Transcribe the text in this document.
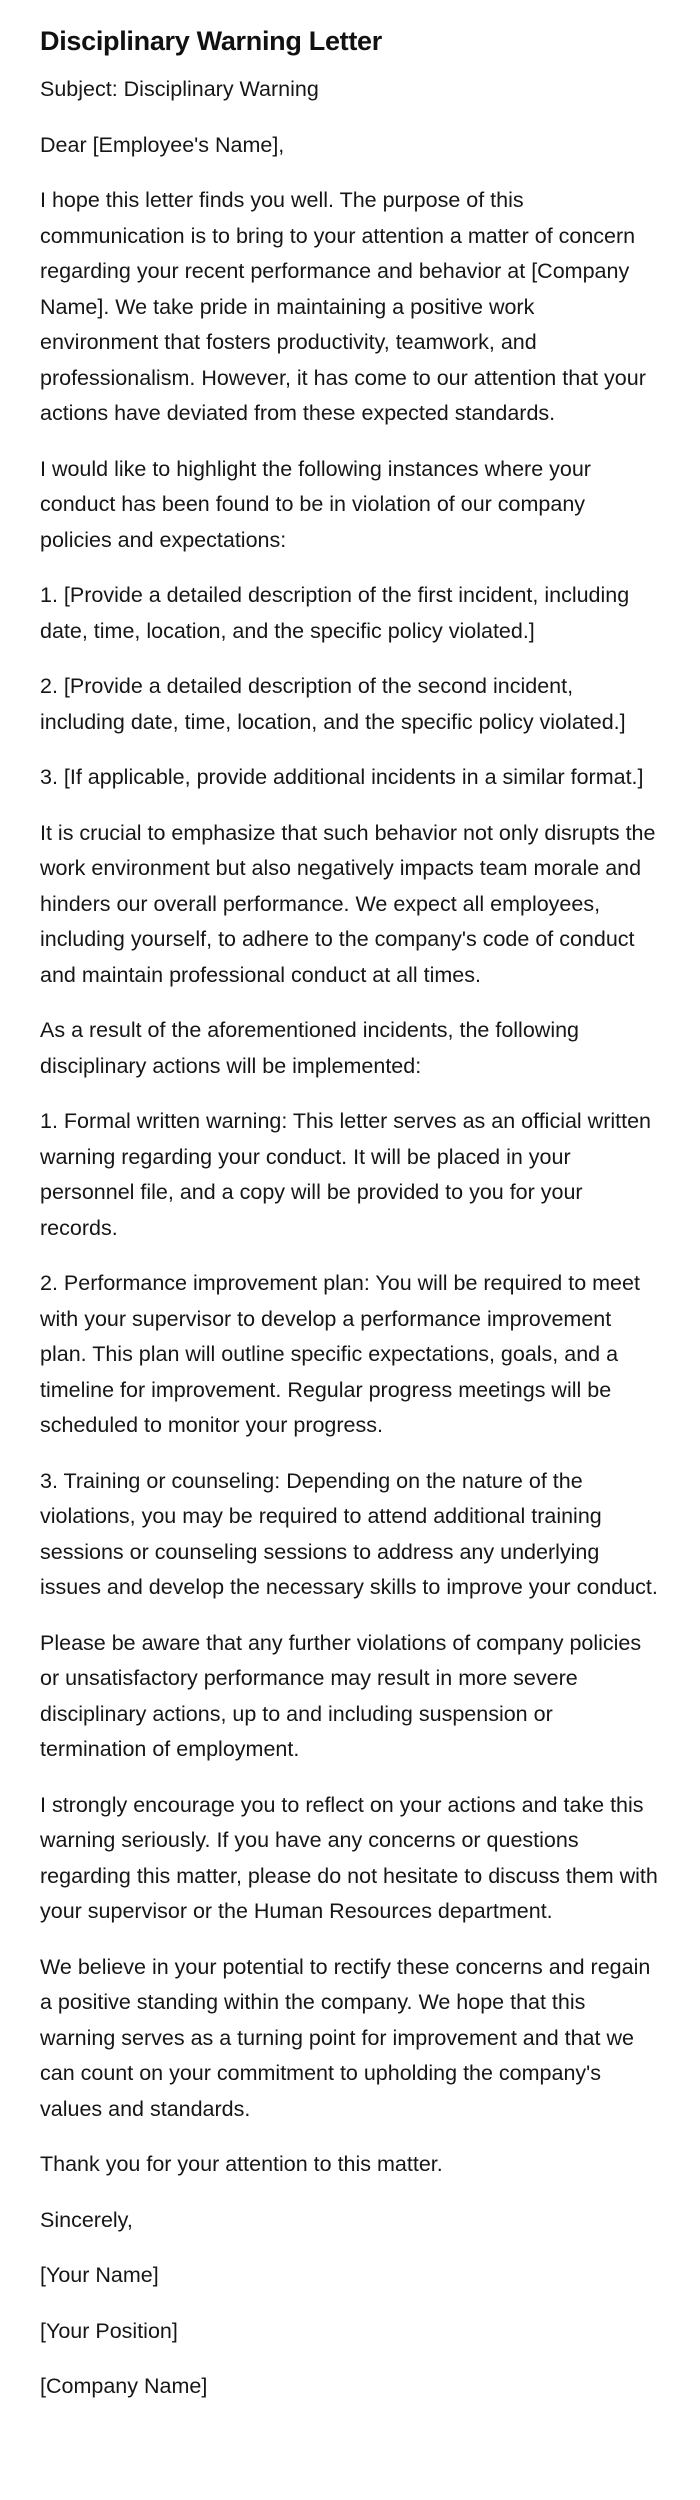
Disciplinary Warning Letter

Subject: Disciplinary Warning

Dear [Employee's Name],

I hope this letter finds you well. The purpose of this communication is to bring to your attention a matter of concern regarding your recent performance and behavior at [Company Name]. We take pride in maintaining a positive work environment that fosters productivity, teamwork, and professionalism. However, it has come to our attention that your actions have deviated from these expected standards.

I would like to highlight the following instances where your conduct has been found to be in violation of our company policies and expectations:

1. [Provide a detailed description of the first incident, including date, time, location, and the specific policy violated.]

2. [Provide a detailed description of the second incident, including date, time, location, and the specific policy violated.]

3. [If applicable, provide additional incidents in a similar format.]

It is crucial to emphasize that such behavior not only disrupts the work environment but also negatively impacts team morale and hinders our overall performance. We expect all employees, including yourself, to adhere to the company's code of conduct and maintain professional conduct at all times.

As a result of the aforementioned incidents, the following disciplinary actions will be implemented:

1. Formal written warning: This letter serves as an official written warning regarding your conduct. It will be placed in your personnel file, and a copy will be provided to you for your records.

2. Performance improvement plan: You will be required to meet with your supervisor to develop a performance improvement plan. This plan will outline specific expectations, goals, and a timeline for improvement. Regular progress meetings will be scheduled to monitor your progress.

3. Training or counseling: Depending on the nature of the violations, you may be required to attend additional training sessions or counseling sessions to address any underlying issues and develop the necessary skills to improve your conduct.

Please be aware that any further violations of company policies or unsatisfactory performance may result in more severe disciplinary actions, up to and including suspension or termination of employment.

I strongly encourage you to reflect on your actions and take this warning seriously. If you have any concerns or questions regarding this matter, please do not hesitate to discuss them with your supervisor or the Human Resources department.

We believe in your potential to rectify these concerns and regain a positive standing within the company. We hope that this warning serves as a turning point for improvement and that we can count on your commitment to upholding the company's values and standards.

Thank you for your attention to this matter.

Sincerely,

[Your Name]

[Your Position]

[Company Name]
